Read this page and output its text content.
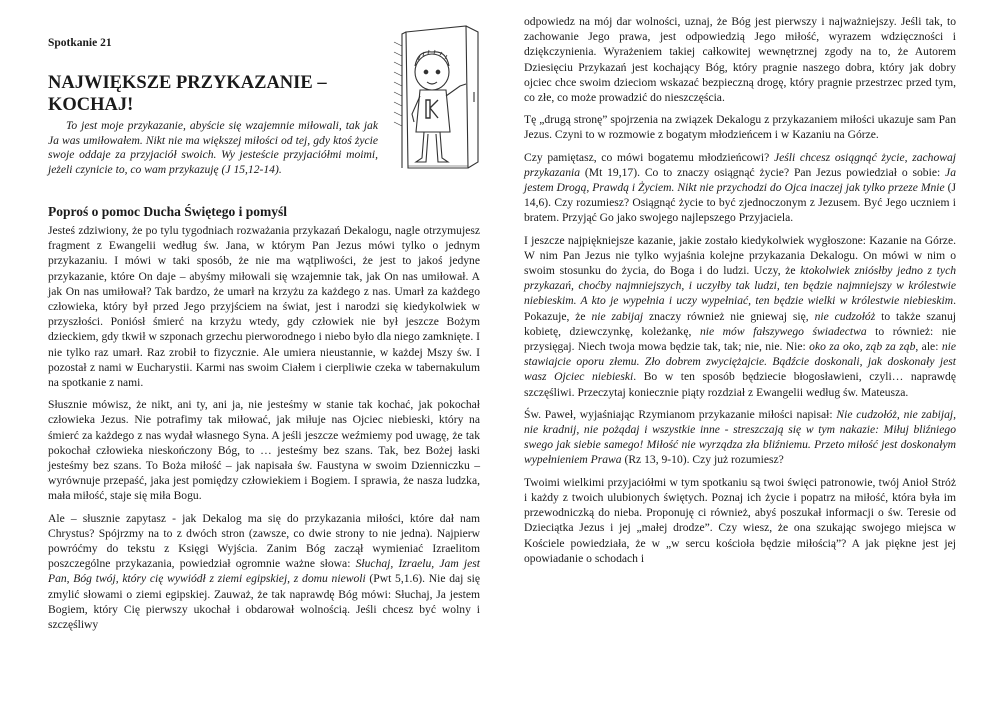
Spotkanie 21
NAJWIĘKSZE PRZYKAZANIE –
KOCHAJ!

To jest moje przykazanie, abyście się wzajemnie miłowali, tak jak Ja was umiłowałem. Nikt nie ma większej miłości od tej, gdy ktoś życie swoje oddaje za przyjaciół swoich. Wy jesteście przyjaciółmi moimi, jeżeli czynicie to, co wam przykazuję (J 15,12-14).

Poproś o pomoc Ducha Świętego i pomyśl

Jesteś zdziwiony, że po tylu tygodniach rozważania przykazań Dekalogu, nagle otrzymujesz fragment z Ewangelii według św. Jana, w którym Pan Jezus mówi tylko o jednym przykazaniu. I mówi w taki sposób, że nie ma wątpliwości, że jest to jakoś jedyne przykazanie, które On daje – abyśmy miłowali się wzajemnie tak, jak On nas umiłował. A jak On nas umiłował? Tak bardzo, że umarł na krzyżu za każdego z nas. Umarł za każdego człowieka, który był przed Jego przyjściem na świat, jest i narodzi się kiedykolwiek w przyszłości. Poniósł śmierć na krzyżu wtedy, gdy człowiek nie był jeszcze Bożym dzieckiem, gdy tkwił w szponach grzechu pierworodnego i niebo było dla niego zamknięte. I nie tylko raz umarł. Raz zrobił to fizycznie. Ale umiera nieustannie, w każdej Mszy św. I pozostał z nami w Eucharystii. Karmi nas swoim Ciałem i cierpliwie czeka w tabernakulum na spotkanie z nami.

Słusznie mówisz, że nikt, ani ty, ani ja, nie jesteśmy w stanie tak kochać, jak pokochał człowieka Jezus. Nie potrafimy tak miłować, jak miłuje nas Ojciec niebieski, który na śmierć za każdego z nas wydał własnego Syna. A jeśli jeszcze weźmiemy pod uwagę, że tak pokochał człowieka nieskończony Bóg, to … jesteśmy bez szans. Tak, bez Bożej łaski jesteśmy bez szans. To Boża miłość – jak napisała św. Faustyna w swoim Dzienniczku – wyrównuje przepaść, jaka jest pomiędzy człowiekiem i Bogiem. I sprawia, że nasza ludzka, mała miłość, staje się miła Bogu.

Ale – słusznie zapytasz - jak Dekalog ma się do przykazania miłości, które dał nam Chrystus? Spójrzmy na to z dwóch stron (zawsze, co dwie strony to nie jedna). Najpierw powróćmy do tekstu z Księgi Wyjścia. Zanim Bóg zaczął wymieniać Izraelitom poszczególne przykazania, powiedział ogromnie ważne słowa: Słuchaj, Izraelu, Jam jest Pan, Bóg twój, który cię wywiódł z ziemi egipskiej, z domu niewoli (Pwt 5,1.6). Nie daj się zmylić słowami o ziemi egipskiej. Zauważ, że tak naprawdę Bóg mówi: Słuchaj, Ja jestem Bogiem, który Cię pierwszy ukochał i obdarował wolnością. Jeśli chcesz być wolny i szczęśliwy

odpowiedz na mój dar wolności, uznaj, że Bóg jest pierwszy i najważniejszy. Jeśli tak, to zachowanie Jego prawa, jest odpowiedzią Jego miłość, wyrazem wdzięczności i dziękczynienia. Wyrażeniem takiej całkowitej wewnętrznej zgody na to, że Autorem Dziesięciu Przykazań jest kochający Bóg, który pragnie naszego dobra, który jak dobry ojciec chce swoim dzieciom wskazać bezpieczną drogę, który pragnie przestrzec przed tym, co złe, co może prowadzić do nieszczęścia.

Tę „drugą stronę” spojrzenia na związek Dekalogu z przykazaniem miłości ukazuje sam Pan Jezus. Czyni to w rozmowie z bogatym młodzieńcem i w Kazaniu na Górze.

Czy pamiętasz, co mówi bogatemu młodzieńcowi? Jeśli chcesz osiągnąć życie, zachowaj przykazania (Mt 19,17). Co to znaczy osiągnąć życie? Pan Jezus powiedział o sobie: Ja jestem Drogą, Prawdą i Życiem. Nikt nie przychodzi do Ojca inaczej jak tylko przeze Mnie (J 14,6). Czy rozumiesz? Osiągnąć życie to być zjednoczonym z Jezusem. Być Jego uczniem i bratem. Przyjąć Go jako swojego najlepszego Przyjaciela.

I jeszcze najpiękniejsze kazanie, jakie zostało kiedykolwiek wygłoszone: Kazanie na Górze. W nim Pan Jezus nie tylko wyjaśnia kolejne przykazania Dekalogu. On mówi w nim o swoim stosunku do życia, do Boga i do ludzi. Uczy, że ktokolwiek zniósłby jedno z tych przykazań, choćby najmniejszych, i uczyłby tak ludzi, ten będzie najmniejszy w królestwie niebieskim. A kto je wypełnia i uczy wypełniać, ten będzie wielki w królestwie niebieskim. Pokazuje, że nie zabijaj znaczy również nie gniewaj się, nie cudzołóż to także szanuj kobietę, dziewczynkę, koleżankę, nie mów fałszywego świadectwa to również: nie przysięgaj. Niech twoja mowa będzie tak, tak; nie, nie. Nie: oko za oko, ząb za ząb, ale: nie stawiajcie oporu złemu. Zło dobrem zwyciężajcie. Bądźcie doskonali, jak doskonały jest wasz Ojciec niebieski. Bo w ten sposób będziecie błogosławieni, czyli… naprawdę szczęśliwi. Przeczytaj koniecznie piąty rozdział z Ewangelii według św. Mateusza.

Św. Paweł, wyjaśniając Rzymianom przykazanie miłości napisał: Nie cudzołóż, nie zabijaj, nie kradnij, nie pożądaj i wszystkie inne - streszczają się w tym nakazie: Miłuj bliźniego swego jak siebie samego! Miłość nie wyrządza zła bliźniemu. Przeto miłość jest doskonałym wypełnieniem Prawa (Rz 13, 9-10). Czy już rozumiesz?

Twoimi wielkimi przyjaciółmi w tym spotkaniu są twoi święci patronowie, twój Anioł Stróż i każdy z twoich ulubionych świętych. Poznaj ich życie i popatrz na miłość, która była im przewodniczką do nieba. Proponuję ci również, abyś poszukał informacji o św. Teresie od Dzieciątka Jezus i jej „małej drodze”. Czy wiesz, że ona szukając swojego miejsca w Kościele powiedziała, że w „w sercu kościoła będzie miłością”? A jak piękne jest jej opowiadanie o schodach i
